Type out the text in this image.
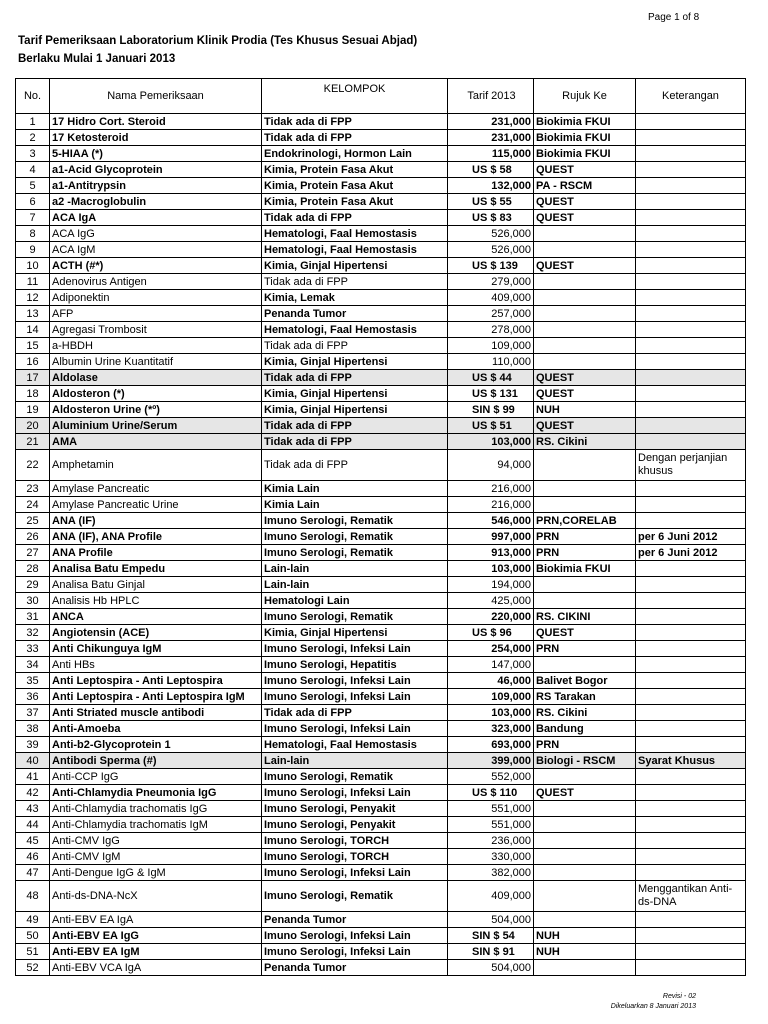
Page 1 of 8
Tarif Pemeriksaan Laboratorium Klinik Prodia (Tes Khusus Sesuai Abjad)
Berlaku Mulai 1 Januari 2013
No.	Nama Pemeriksaan	KELOMPOK	Tarif 2013	Rujuk Ke	Keterangan
1	17 Hidro Cort. Steroid	Tidak ada di FPP	231,000	Biokimia FKUI	
2	17 Ketosteroid	Tidak ada di FPP	231,000	Biokimia FKUI	
3	5-HIAA (*)	Endokrinologi, Hormon Lain	115,000	Biokimia FKUI	
4	a1-Acid Glycoprotein	Kimia, Protein Fasa Akut	US $ 58	QUEST	
5	a1-Antitrypsin	Kimia, Protein Fasa Akut	132,000	PA - RSCM	
6	a2 -Macroglobulin	Kimia, Protein Fasa Akut	US $ 55	QUEST	
7	ACA IgA	Tidak ada di FPP	US $ 83	QUEST	
8	ACA IgG	Hematologi, Faal Hemostasis	526,000		
9	ACA IgM	Hematologi, Faal Hemostasis	526,000		
10	ACTH (#*)	Kimia, Ginjal Hipertensi	US $ 139	QUEST	
11	Adenovirus Antigen	Tidak ada di FPP	279,000		
12	Adiponektin	Kimia, Lemak	409,000		
13	AFP	Penanda Tumor	257,000		
14	Agregasi Trombosit	Hematologi, Faal Hemostasis	278,000		
15	a-HBDH	Tidak ada di FPP	109,000		
16	Albumin Urine Kuantitatif	Kimia, Ginjal Hipertensi	110,000		
17	Aldolase	Tidak ada di FPP	US $ 44	QUEST	
18	Aldosteron (*)	Kimia, Ginjal Hipertensi	US $ 131	QUEST	
19	Aldosteron Urine (*º)	Kimia, Ginjal Hipertensi	SIN $ 99	NUH	
20	Aluminium Urine/Serum	Tidak ada di FPP	US $ 51	QUEST	
21	AMA	Tidak ada di FPP	103,000	RS. Cikini	
22	Amphetamin	Tidak ada di FPP	94,000		Dengan perjanjian khusus
23	Amylase Pancreatic	Kimia Lain	216,000		
24	Amylase Pancreatic Urine	Kimia Lain	216,000		
25	ANA (IF)	Imuno Serologi, Rematik	546,000	PRN,CORELAB	
26	ANA (IF), ANA Profile	Imuno Serologi, Rematik	997,000	PRN	per 6 Juni 2012
27	ANA Profile	Imuno Serologi, Rematik	913,000	PRN	per 6 Juni 2012
28	Analisa Batu Empedu	Lain-lain	103,000	Biokimia FKUI	
29	Analisa Batu Ginjal	Lain-lain	194,000		
30	Analisis Hb HPLC	Hematologi Lain	425,000		
31	ANCA	Imuno Serologi, Rematik	220,000	RS. CIKINI	
32	Angiotensin (ACE)	Kimia, Ginjal Hipertensi	US $ 96	QUEST	
33	Anti Chikunguya IgM	Imuno Serologi, Infeksi Lain	254,000	PRN	
34	Anti HBs	Imuno Serologi, Hepatitis	147,000		
35	Anti Leptospira - Anti Leptospira	Imuno Serologi, Infeksi Lain	46,000	Balivet Bogor	
36	Anti Leptospira - Anti Leptospira IgM	Imuno Serologi, Infeksi Lain	109,000	RS Tarakan	
37	Anti Striated muscle antibodi	Tidak ada di FPP	103,000	RS. Cikini	
38	Anti-Amoeba	Imuno Serologi, Infeksi Lain	323,000	Bandung	
39	Anti-b2-Glycoprotein 1	Hematologi, Faal Hemostasis	693,000	PRN	
40	Antibodi Sperma (#)	Lain-lain	399,000	Biologi - RSCM	Syarat Khusus
41	Anti-CCP IgG	Imuno Serologi, Rematik	552,000		
42	Anti-Chlamydia Pneumonia IgG	Imuno Serologi, Infeksi Lain	US $ 110	QUEST	
43	Anti-Chlamydia trachomatis IgG	Imuno Serologi, Penyakit	551,000		
44	Anti-Chlamydia trachomatis IgM	Imuno Serologi, Penyakit	551,000		
45	Anti-CMV IgG	Imuno Serologi, TORCH	236,000		
46	Anti-CMV IgM	Imuno Serologi, TORCH	330,000		
47	Anti-Dengue IgG & IgM	Imuno Serologi, Infeksi Lain	382,000		
48	Anti-ds-DNA-NcX	Imuno Serologi, Rematik	409,000		Menggantikan Anti-ds-DNA
49	Anti-EBV EA IgA	Penanda Tumor	504,000		
50	Anti-EBV EA IgG	Imuno Serologi, Infeksi Lain	SIN $ 54	NUH	
51	Anti-EBV EA IgM	Imuno Serologi, Infeksi Lain	SIN $ 91	NUH	
52	Anti-EBV VCA IgA	Penanda Tumor	504,000		
Revisi - 02
Dikeluarkan 8 Januari 2013
